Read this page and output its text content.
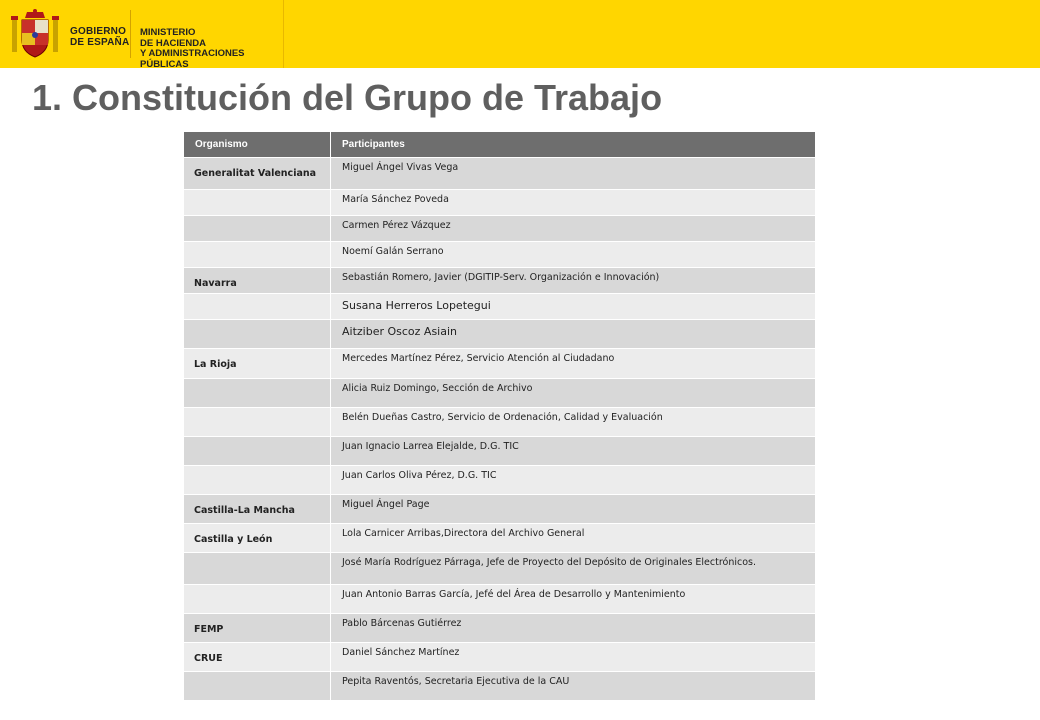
GOBIERNO
DE ESPAÑA
MINISTERIO
DE HACIENDA
Y ADMINISTRACIONES PÚBLICAS
1. Constitución del Grupo de Trabajo
Organismo	Participantes
Generalitat Valenciana	Miguel Ángel Vivas Vega
	María Sánchez Poveda
	Carmen Pérez Vázquez
	Noemí Galán Serrano
Navarra	Sebastián Romero, Javier (DGITIP-Serv. Organización e Innovación)
	Susana Herreros Lopetegui
	Aitziber Oscoz Asiain
La Rioja	Mercedes Martínez Pérez, Servicio Atención al Ciudadano
	Alicia Ruiz Domingo, Sección de Archivo
	Belén Dueñas Castro, Servicio de Ordenación, Calidad y Evaluación
	Juan Ignacio Larrea Elejalde, D.G. TIC
	Juan Carlos Oliva Pérez, D.G. TIC
Castilla-La Mancha	Miguel Ángel Page
Castilla y León	Lola Carnicer Arribas,Directora del Archivo General
	José María Rodríguez Párraga, Jefe de Proyecto del Depósito de Originales Electrónicos.
	Juan Antonio Barras García, Jefé del Área de Desarrollo y Mantenimiento
FEMP	Pablo Bárcenas Gutiérrez
CRUE	Daniel Sánchez Martínez
	Pepita Raventós, Secretaria Ejecutiva de la CAU
